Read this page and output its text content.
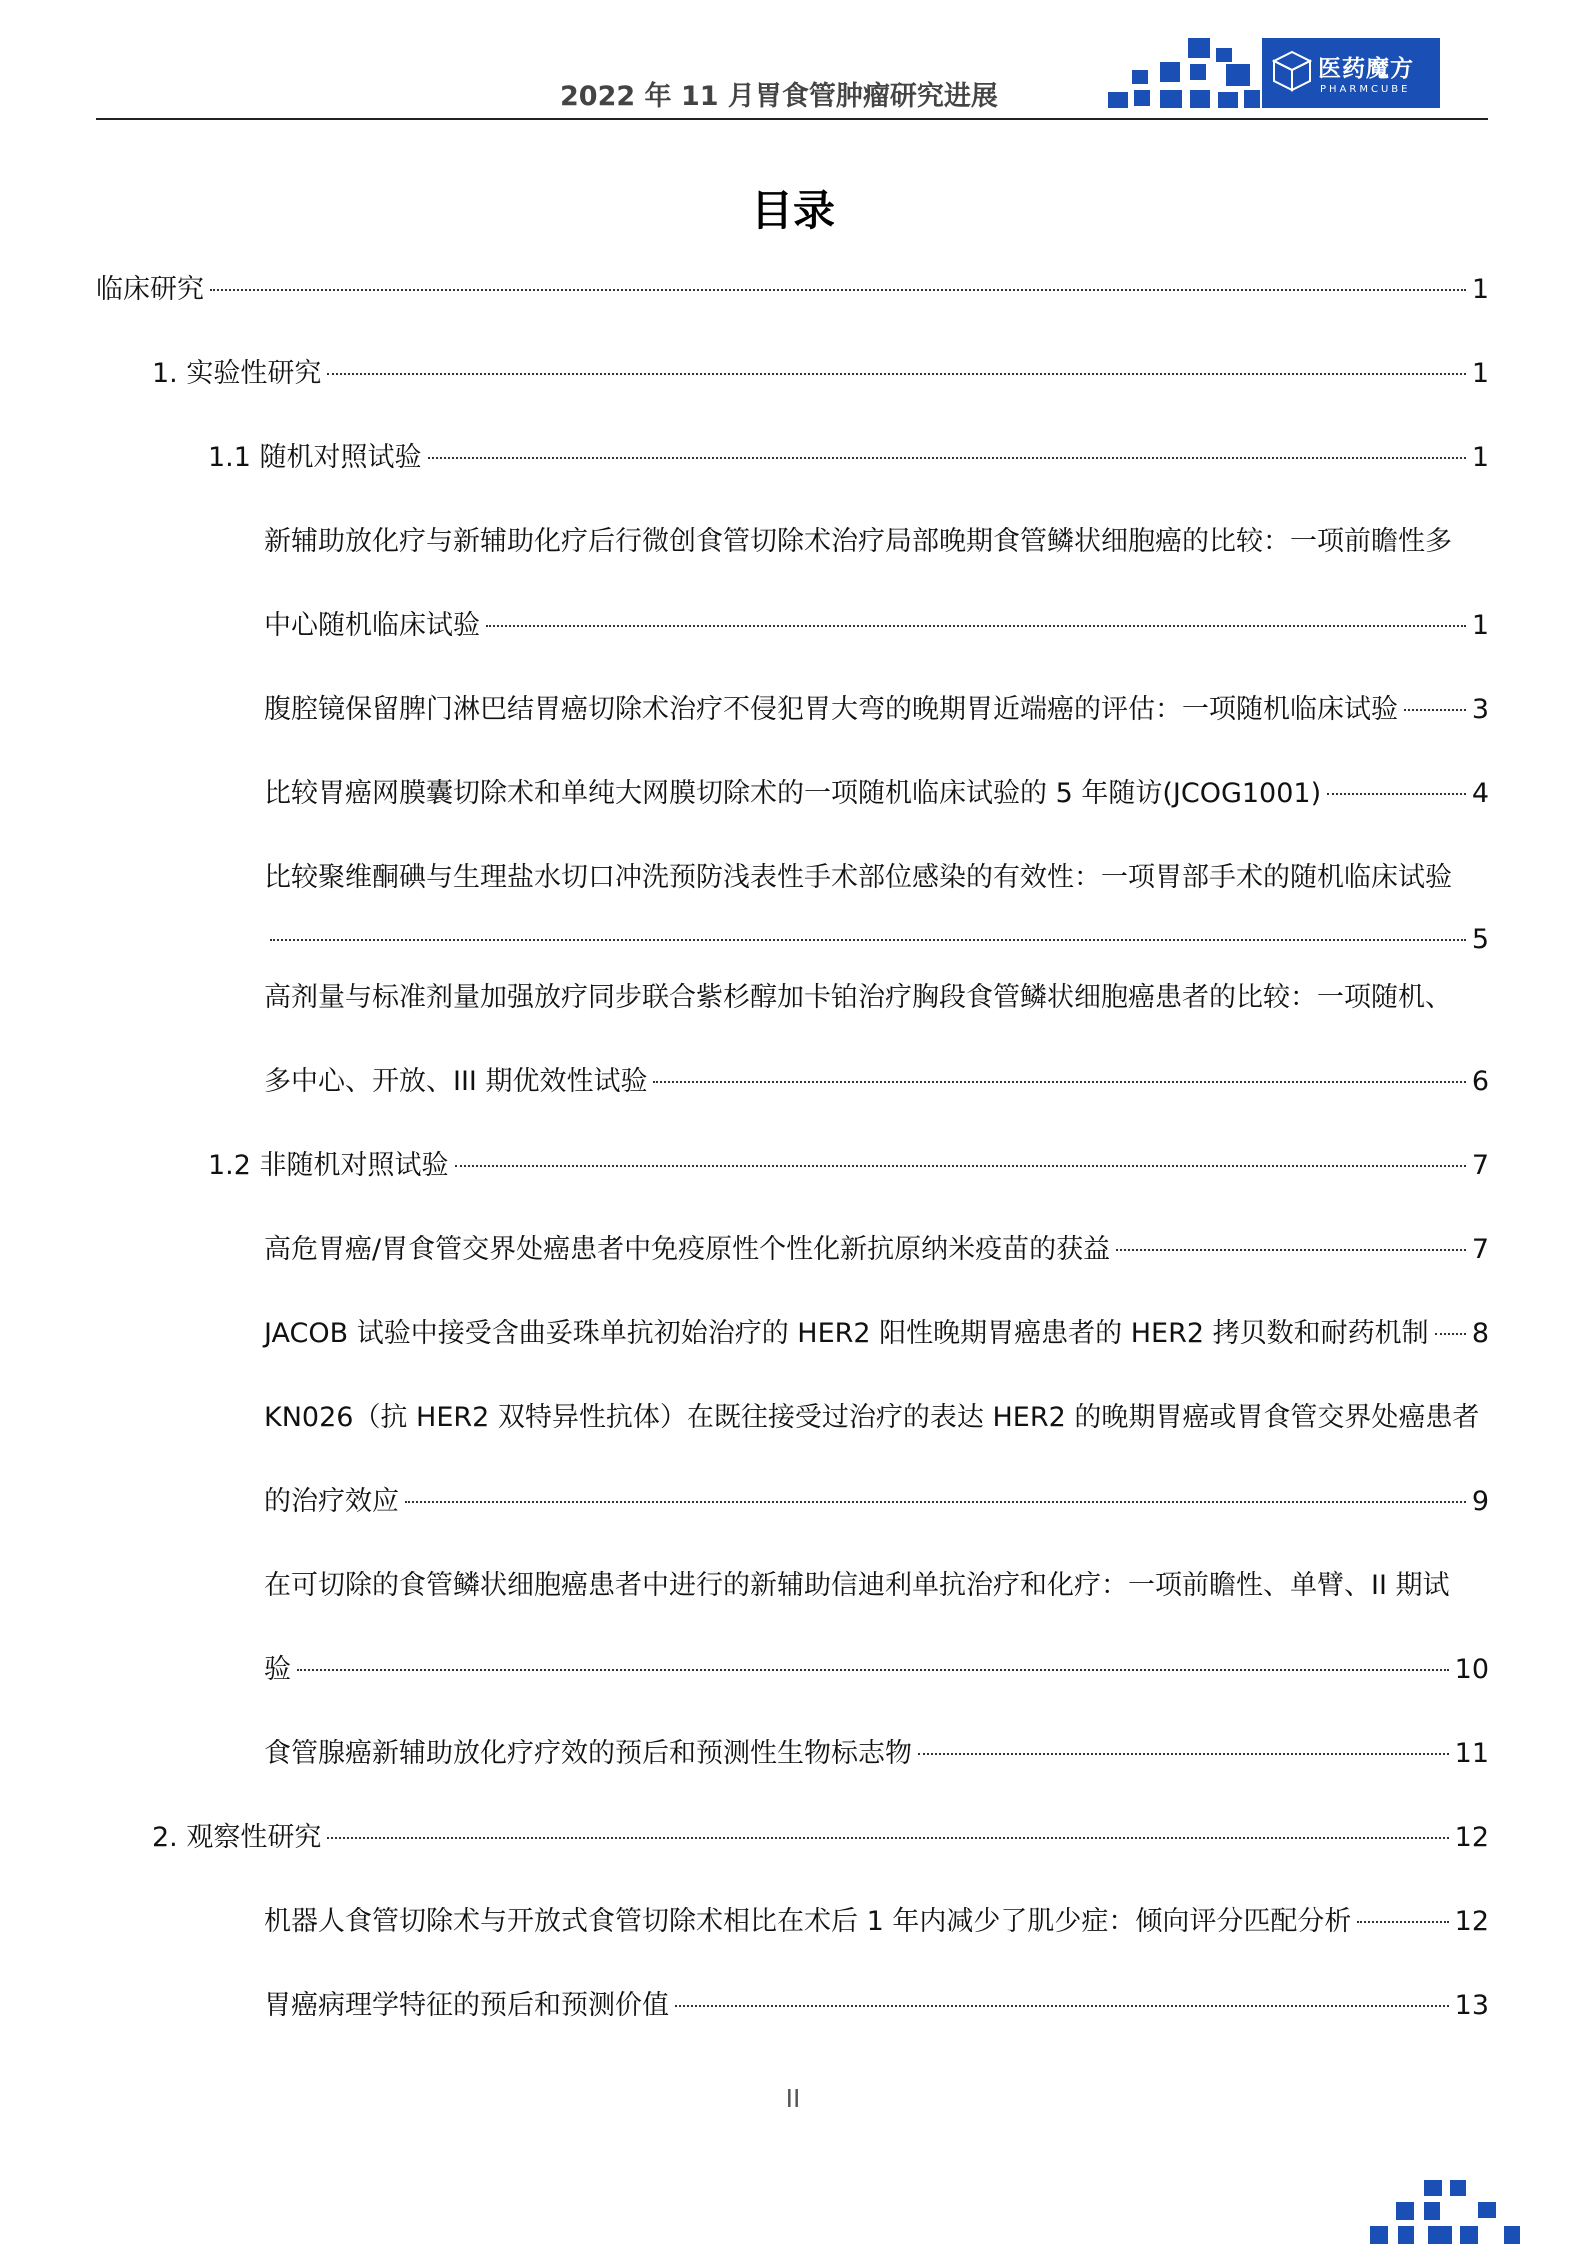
2022 年 11 月胃食管肿瘤研究进展
医药魔方
PHARMCUBE
目录
临床研究	1
1. 实验性研究	1
1.1 随机对照试验	1
新辅助放化疗与新辅助化疗后行微创食管切除术治疗局部晚期食管鳞状细胞癌的比较：一项前瞻性多
中心随机临床试验	1
腹腔镜保留脾门淋巴结胃癌切除术治疗不侵犯胃大弯的晚期胃近端癌的评估：一项随机临床试验	3
比较胃癌网膜囊切除术和单纯大网膜切除术的一项随机临床试验的 5 年随访(JCOG1001)	4
比较聚维酮碘与生理盐水切口冲洗预防浅表性手术部位感染的有效性：一项胃部手术的随机临床试验
5
高剂量与标准剂量加强放疗同步联合紫杉醇加卡铂治疗胸段食管鳞状细胞癌患者的比较：一项随机、
多中心、开放、III 期优效性试验	6
1.2 非随机对照试验	7
高危胃癌/胃食管交界处癌患者中免疫原性个性化新抗原纳米疫苗的获益	7
JACOB 试验中接受含曲妥珠单抗初始治疗的 HER2 阳性晚期胃癌患者的 HER2 拷贝数和耐药机制 8
KN026（抗 HER2 双特异性抗体）在既往接受过治疗的表达 HER2 的晚期胃癌或胃食管交界处癌患者
的治疗效应	9
在可切除的食管鳞状细胞癌患者中进行的新辅助信迪利单抗治疗和化疗：一项前瞻性、单臂、II 期试
验	10
食管腺癌新辅助放化疗疗效的预后和预测性生物标志物	11
2. 观察性研究	12
机器人食管切除术与开放式食管切除术相比在术后 1 年内减少了肌少症：倾向评分匹配分析	12
胃癌病理学特征的预后和预测价值	13
II
